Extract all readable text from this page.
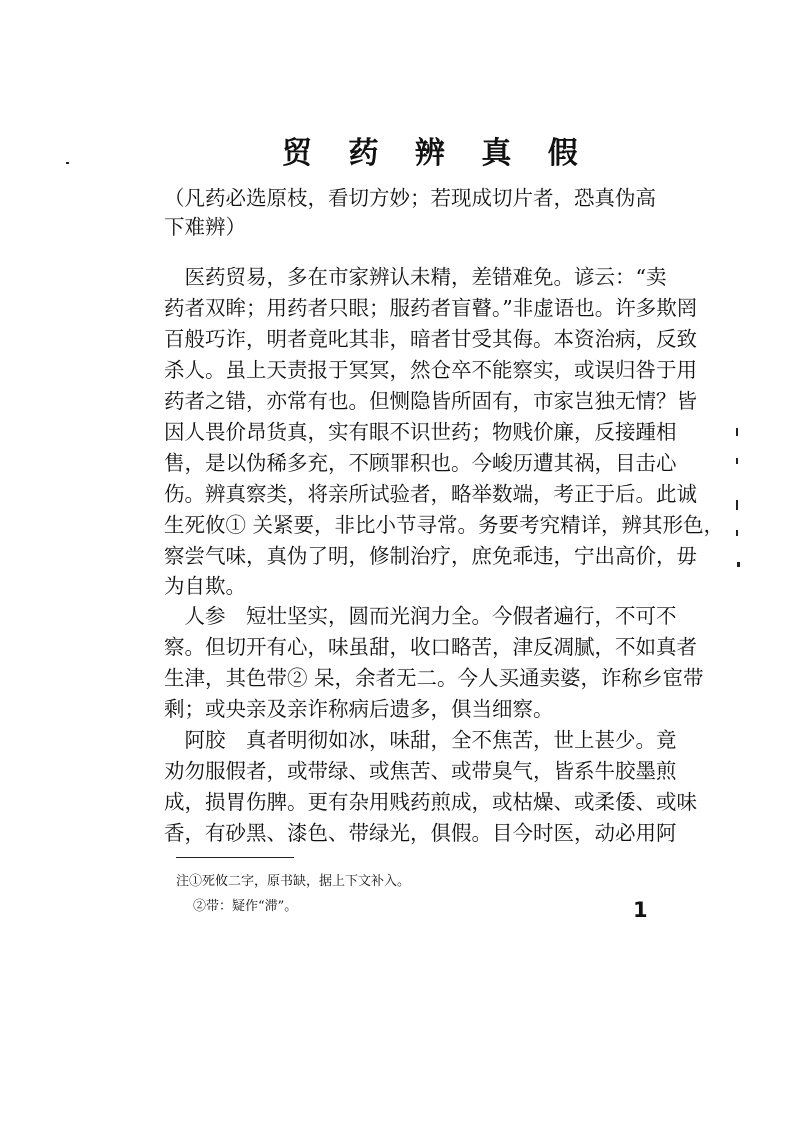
贸 药 辨 真 假
（凡药必选原枝，看切方妙；若现成切片者，恐真伪高
下难辨）
　医药贸易，多在市家辨认未精，差错难免。谚云：“卖
药者双眸；用药者只眼；服药者盲瞽。”非虚语也。许多欺罔
百般巧诈，明者竟叱其非，暗者甘受其侮。本资治病，反致
杀人。虽上天责报于冥冥，然仓卒不能察实，或误归咎于用
药者之错，亦常有也。但恻隐皆所固有，市家岂独无情？皆
因人畏价昂货真，实有眼不识世药；物贱价廉，反接踵相
售，是以伪稀多充，不顾罪积也。今峻历遭其祸，目击心
伤。辨真察类，将亲所试验者，略举数端，考正于后。此诚
生死攸① 关紧要，非比小节寻常。务要考究精详，辨其形色，
察尝气味，真伪了明，修制治疗，庶免乖违，宁出高价，毋
为自欺。
　人参　短壮坚实，圆而光润力全。今假者遍行，不可不
察。但切开有心，味虽甜，收口略苦，津反凋腻，不如真者
生津，其色带② 呆，余者无二。今人买通卖婆，诈称乡宦带
剩；或央亲及亲诈称病后遗多，俱当细察。
　阿胶　真者明彻如冰，味甜，全不焦苦，世上甚少。竟
劝勿服假者，或带绿、或焦苦、或带臭气，皆系牛胶墨煎
成，损胃伤脾。更有杂用贱药煎成，或枯燥、或柔倭、或味
香，有砂黑、漆色、带绿光，俱假。目今时医，动必用阿
注①死攸二字，原书缺，据上下文补入。
②带：疑作“滞”。	1
